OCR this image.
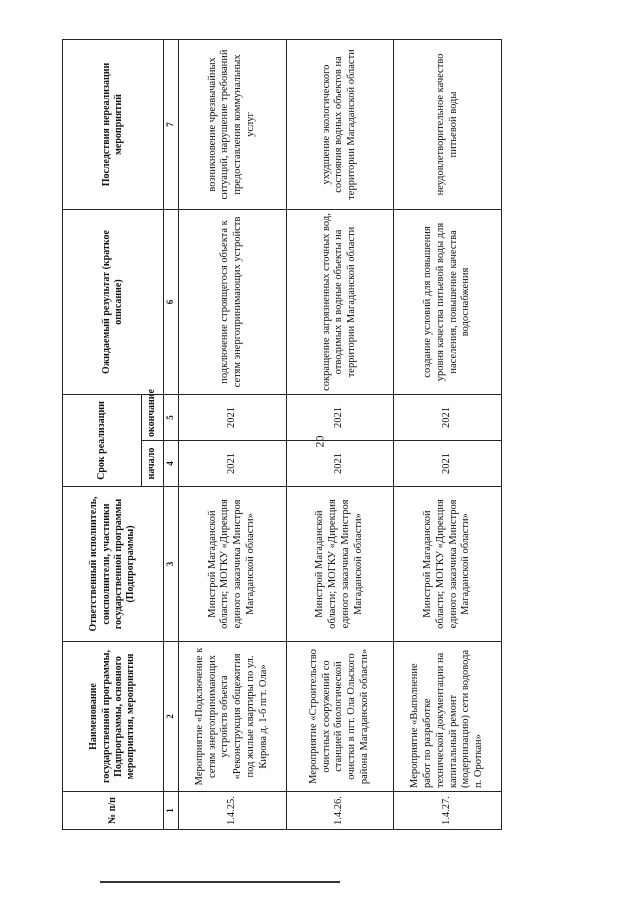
20
№ п/п	Наименование государственной программы, Подпрограммы, основного мероприятия, мероприятия	Ответственный исполнитель, соисполнители, участники государственной программы (Подпрограммы)	Срок реализации		Ожидаемый результат (краткое описание)	Последствия нереализации мероприятий
			начало	окончание		
1	2	3	4	5	6	7
1.4.25.	Мероприятие «Подключение к сетям энергопринимающих устройств объекта «Реконструкция общежития под жилые квартиры по ул. Кирова д. 1-б пгт. Ола»	Минстрой Магаданской области; МОГКУ «Дирекция единого заказчика Минстроя Магаданской области»	2021	2021	подключение строящегося объекта к сетям энергопринимающих устройств	возникновение чрезвычайных ситуаций, нарушение требований предоставления коммунальных услуг
1.4.26.	Мероприятие «Строительство очистных сооружений со станцией биологической очистки в пгт. Ола Ольского района Магаданской области»	Минстрой Магаданской области; МОГКУ «Дирекция единого заказчика Минстроя Магаданской области»	2021	2021	сокращение загрязненных сточных вод, отводимых в водные объекты на территории Магаданской области	ухудшение экологического состояния водных объектов на территории Магаданской области
1.4.27.	Мероприятие «Выполнение работ по разработке технической документации на капитальный ремонт (модернизацию) сети водовода п. Ороткан»	Минстрой Магаданской области; МОГКУ «Дирекция единого заказчика Минстроя Магаданской области»	2021	2021	создание условий для повышения уровня качества питьевой воды для населения, повышение качества водоснабжения	неудовлетворительное качество питьевой воды
